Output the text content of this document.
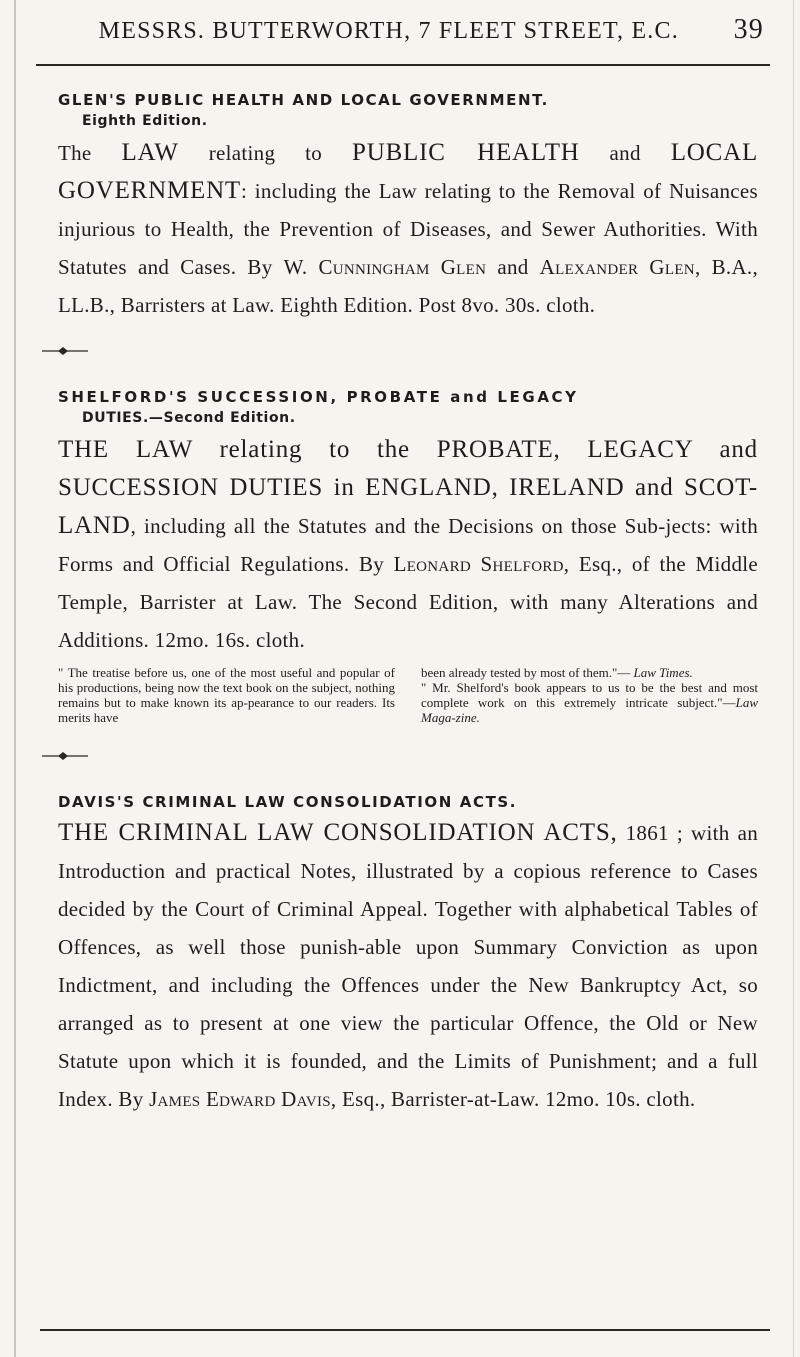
MESSRS. BUTTERWORTH, 7 FLEET STREET, E.C.	39
GLEN'S PUBLIC HEALTH AND LOCAL GOVERNMENT.
Eighth Edition.

The LAW relating to PUBLIC HEALTH and LOCAL GOVERNMENT: including the Law relating to the Removal of Nuisances injurious to Health, the Prevention of Diseases, and Sewer Authorities. With Statutes and Cases. By W. Cunningham Glen and Alexander Glen, B.A., LL.B., Barristers at Law. Eighth Edition. Post 8vo. 30s. cloth.

SHELFORD'S SUCCESSION, PROBATE and LEGACY
DUTIES.—Second Edition.

THE LAW relating to the PROBATE, LEGACY and SUCCESSION DUTIES in ENGLAND, IRELAND and SCOT-LAND, including all the Statutes and the Decisions on those Sub-jects: with Forms and Official Regulations. By Leonard Shelford, Esq., of the Middle Temple, Barrister at Law. The Second Edition, with many Alterations and Additions. 12mo. 16s. cloth.

" The treatise before us, one of the most useful and popular of his productions, being now the text book on the subject, nothing remains but to make known its ap-pearance to our readers. Its merits have
been already tested by most of them."— Law Times.
" Mr. Shelford's book appears to us to be the best and most complete work on this extremely intricate subject."—Law Maga-zine.
DAVIS'S CRIMINAL LAW CONSOLIDATION ACTS.

THE CRIMINAL LAW CONSOLIDATION ACTS, 1861 ; with an Introduction and practical Notes, illustrated by a copious reference to Cases decided by the Court of Criminal Appeal. Together with alphabetical Tables of Offences, as well those punish-able upon Summary Conviction as upon Indictment, and including the Offences under the New Bankruptcy Act, so arranged as to present at one view the particular Offence, the Old or New Statute upon which it is founded, and the Limits of Punishment; and a full Index. By James Edward Davis, Esq., Barrister-at-Law. 12mo. 10s. cloth.
